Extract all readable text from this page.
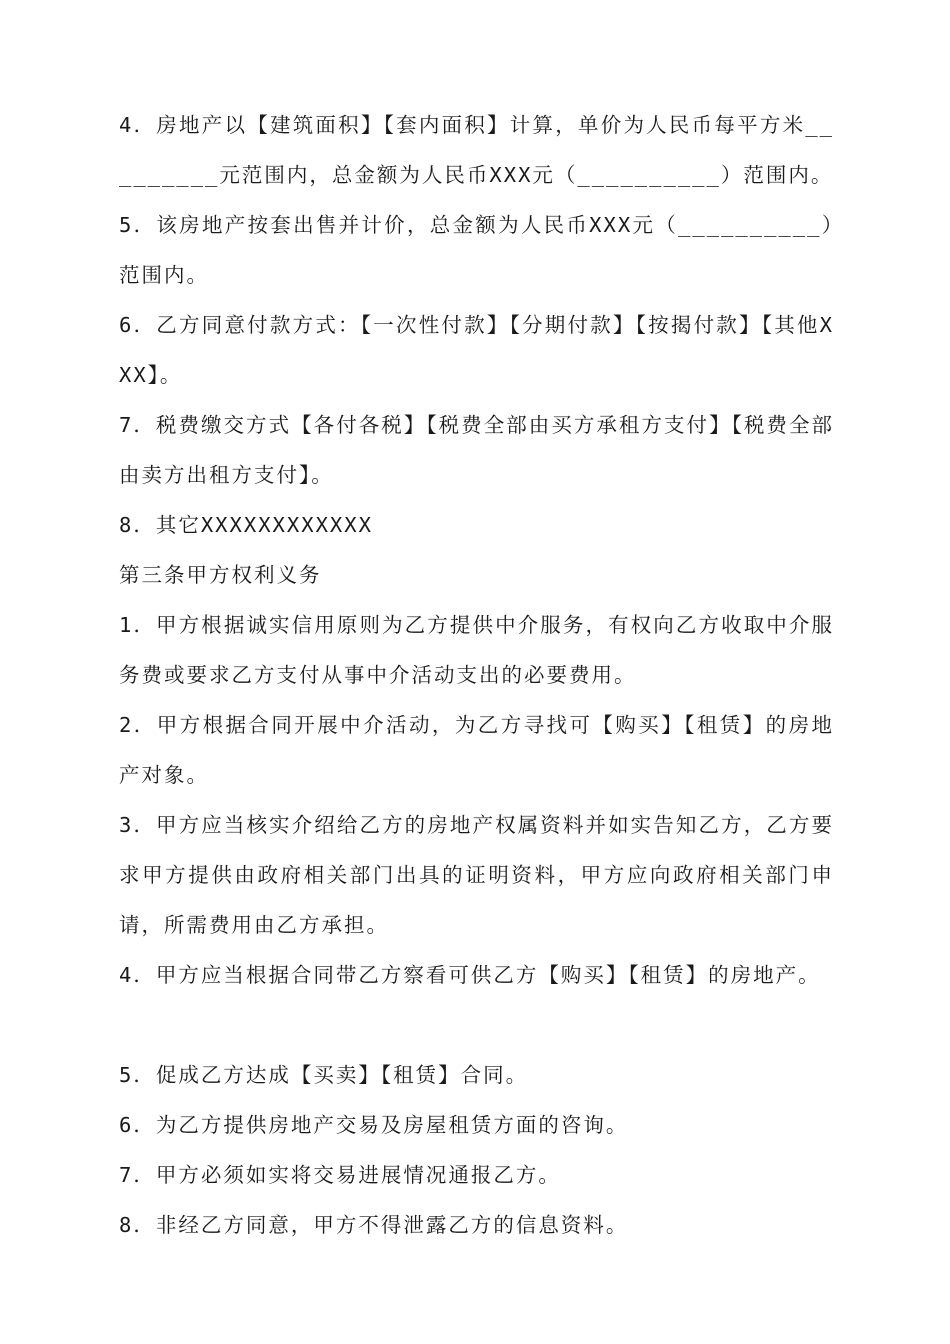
4．房地产以【建筑面积】【套内面积】计算，单价为人民币每平方米_________元范围内，总金额为人民币XXX元（__________）范围内。

5．该房地产按套出售并计价，总金额为人民币XXX元（__________）范围内。

6．乙方同意付款方式：【一次性付款】【分期付款】【按揭付款】【其他XXX】。

7．税费缴交方式【各付各税】【税费全部由买方承租方支付】【税费全部由卖方出租方支付】。

8．其它XXXXXXXXXXXX

第三条甲方权利义务

1．甲方根据诚实信用原则为乙方提供中介服务，有权向乙方收取中介服务费或要求乙方支付从事中介活动支出的必要费用。

2．甲方根据合同开展中介活动，为乙方寻找可【购买】【租赁】的房地产对象。

3．甲方应当核实介绍给乙方的房地产权属资料并如实告知乙方，乙方要求甲方提供由政府相关部门出具的证明资料，甲方应向政府相关部门申请，所需费用由乙方承担。

4．甲方应当根据合同带乙方察看可供乙方【购买】【租赁】的房地产。

5．促成乙方达成【买卖】【租赁】合同。

6．为乙方提供房地产交易及房屋租赁方面的咨询。

7．甲方必须如实将交易进展情况通报乙方。

8．非经乙方同意，甲方不得泄露乙方的信息资料。
